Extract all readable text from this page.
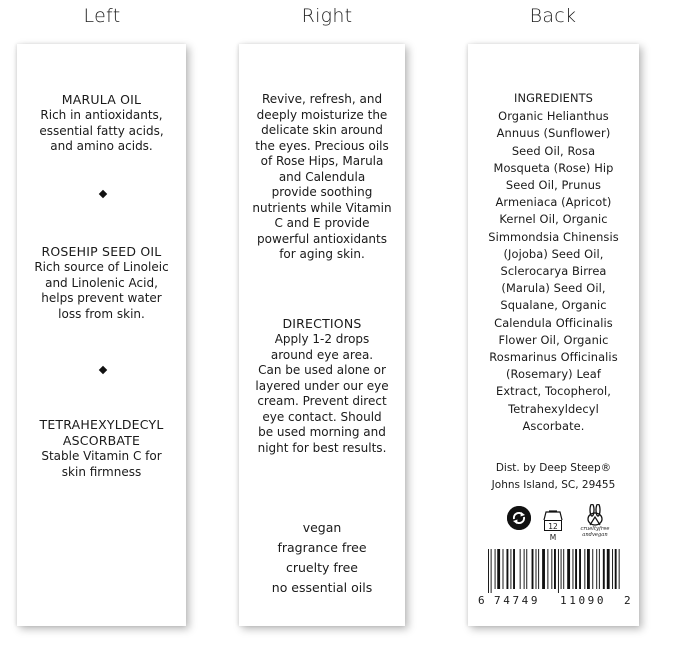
Left	Right	Back
MARULA OIL
Rich in antioxidants,
essential fatty acids,
and amino acids.
ROSEHIP SEED OIL
Rich source of Linoleic
and Linolenic Acid,
helps prevent water
loss from skin.
TETRAHEXYLDECYL
ASCORBATE
Stable Vitamin C for
skin firmness
Revive, refresh, and
deeply moisturize the
delicate skin around
the eyes. Precious oils
of Rose Hips, Marula
and Calendula
provide soothing
nutrients while Vitamin
C and E provide
powerful antioxidants
for aging skin.
DIRECTIONS
Apply 1-2 drops
around eye area.
Can be used alone or
layered under our eye
cream. Prevent direct
eye contact. Should
be used morning and
night for best results.
vegan
fragrance free
cruelty free
no essential oils
INGREDIENTS
Organic Helianthus
Annuus (Sunflower)
Seed Oil, Rosa
Mosqueta (Rose) Hip
Seed Oil, Prunus
Armeniaca (Apricot)
Kernel Oil, Organic
Simmondsia Chinensis
(Jojoba) Seed Oil,
Sclerocarya Birrea
(Marula) Seed Oil,
Squalane, Organic
Calendula Officinalis
Flower Oil, Organic
Rosmarinus Officinalis
(Rosemary) Leaf
Extract, Tocopherol,
Tetrahexyldecyl
Ascorbate.
Dist. by Deep Steep®
Johns Island, SC, 29455
12 M
crueltyfree
andvegan
6 74749 11090 2
